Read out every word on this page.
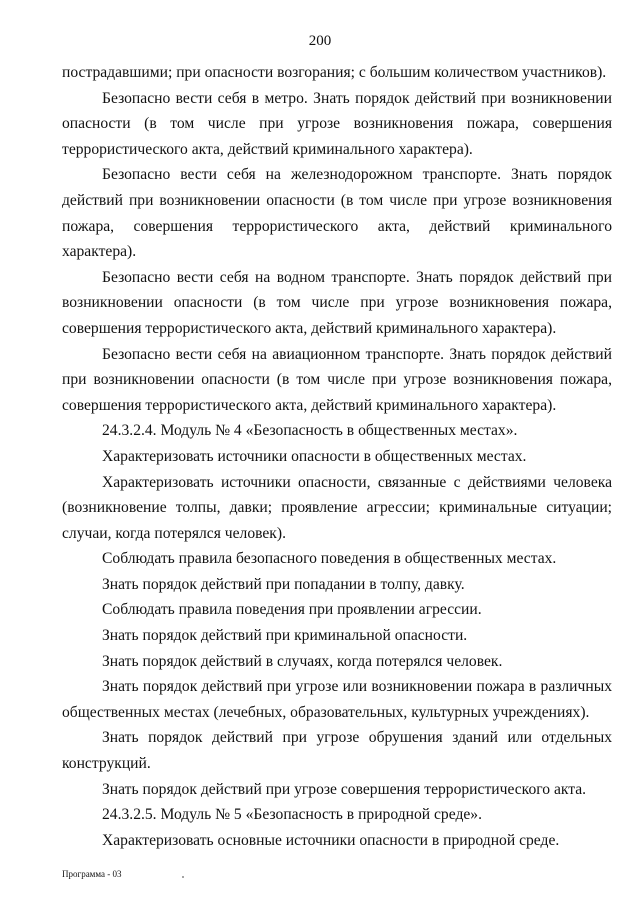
200

пострадавшими; при опасности возгорания; с большим количеством участников).

Безопасно вести себя в метро. Знать порядок действий при возникновении опасности (в том числе при угрозе возникновения пожара, совершения террористического акта, действий криминального характера).

Безопасно вести себя на железнодорожном транспорте. Знать порядок действий при возникновении опасности (в том числе при угрозе возникновения пожара, совершения террористического акта, действий криминального характера).

Безопасно вести себя на водном транспорте. Знать порядок действий при возникновении опасности (в том числе при угрозе возникновения пожара, совершения террористического акта, действий криминального характера).

Безопасно вести себя на авиационном транспорте. Знать порядок действий при возникновении опасности (в том числе при угрозе возникновения пожара, совершения террористического акта, действий криминального характера).

24.3.2.4. Модуль № 4 «Безопасность в общественных местах».

Характеризовать источники опасности в общественных местах.

Характеризовать источники опасности, связанные с действиями человека (возникновение толпы, давки; проявление агрессии; криминальные ситуации; случаи, когда потерялся человек).

Соблюдать правила безопасного поведения в общественных местах.

Знать порядок действий при попадании в толпу, давку.

Соблюдать правила поведения при проявлении агрессии.

Знать порядок действий при криминальной опасности.

Знать порядок действий в случаях, когда потерялся человек.

Знать порядок действий при угрозе или возникновении пожара в различных общественных местах (лечебных, образовательных, культурных учреждениях).

Знать порядок действий при угрозе обрушения зданий или отдельных конструкций.

Знать порядок действий при угрозе совершения террористического акта.

24.3.2.5. Модуль № 5 «Безопасность в природной среде».

Характеризовать основные источники опасности в природной среде.

Программа - 03
